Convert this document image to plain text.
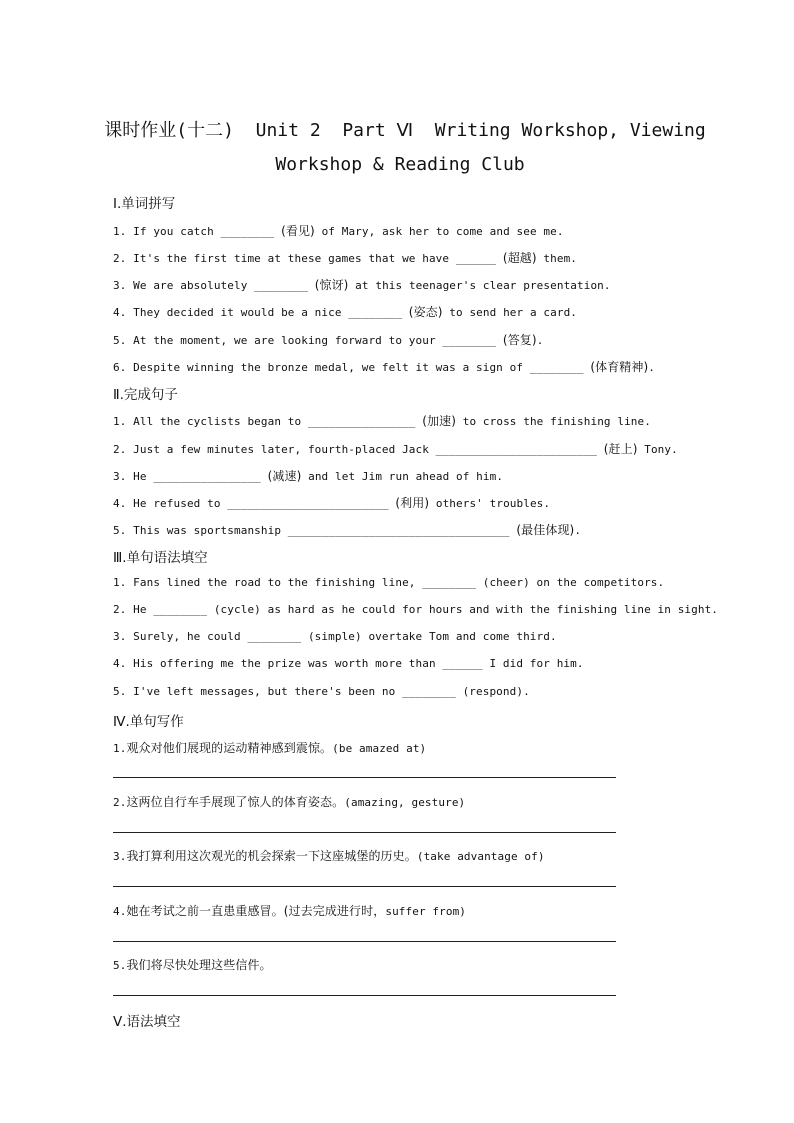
课时作业(十二)  Unit 2  Part Ⅵ  Writing Workshop, Viewing
Workshop & Reading Club
Ⅰ.单词拼写
1. If you catch ________ (看见) of Mary, ask her to come and see me.
2. It's the first time at these games that we have ______ (超越) them.
3. We are absolutely ________ (惊讶) at this teenager's clear presentation.
4. They decided it would be a nice ________ (姿态) to send her a card.
5. At the moment, we are looking forward to your ________ (答复).
6. Despite winning the bronze medal, we felt it was a sign of ________ (体育精神).
Ⅱ.完成句子
1. All the cyclists began to ________________ (加速) to cross the finishing line.
2. Just a few minutes later, fourth-placed Jack ________________________ (赶上) Tony.
3. He ________________ (减速) and let Jim run ahead of him.
4. He refused to ________________________ (利用) others' troubles.
5. This was sportsmanship _________________________________ (最佳体现).
Ⅲ.单句语法填空
1. Fans lined the road to the finishing line, ________ (cheer) on the competitors.
2. He ________ (cycle) as hard as he could for hours and with the finishing line in sight.
3. Surely, he could ________ (simple) overtake Tom and come third.
4. His offering me the prize was worth more than ______ I did for him.
5. I've left messages, but there's been no ________ (respond).
Ⅳ.单句写作
1.观众对他们展现的运动精神感到震惊。(be amazed at)
2.这两位自行车手展现了惊人的体育姿态。(amazing, gesture)
3.我打算利用这次观光的机会探索一下这座城堡的历史。(take advantage of)
4.她在考试之前一直患重感冒。(过去完成进行时，suffer from)
5.我们将尽快处理这些信件。
Ⅴ.语法填空
